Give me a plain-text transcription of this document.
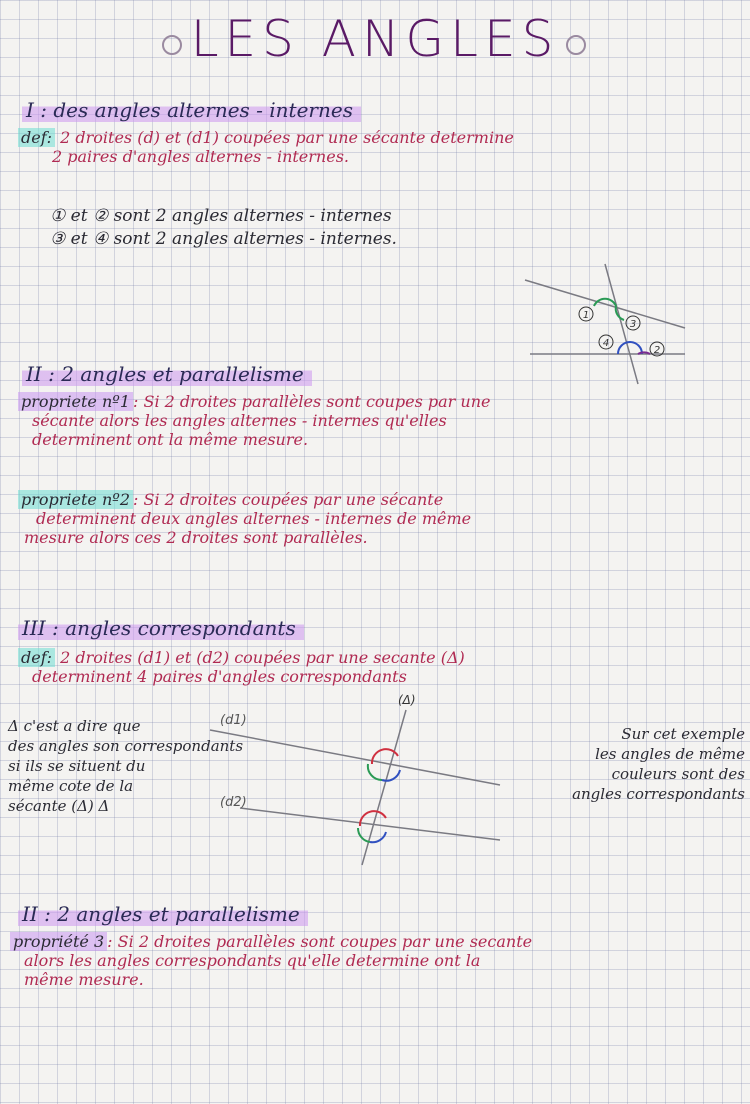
LES ANGLES
I : des angles alternes - internes
def: 2 droites (d) et (d1) coupées par une sécante determine
2 paires d'angles alternes - internes.
① et ② sont 2 angles alternes - internes
③ et ④ sont 2 angles alternes - internes.
1
3
4
2
II : 2 angles et parallelisme
propriete nº1 : Si 2 droites parallèles sont coupes par une
sécante alors les angles alternes - internes qu'elles
determinent ont la même mesure.
propriete nº2 : Si 2 droites coupées par une sécante
determinent deux angles alternes - internes de même
mesure alors ces 2 droites sont parallèles.
III : angles correspondants
def: 2 droites (d1) et (d2) coupées par une secante (Δ)
determinent 4 paires d'angles correspondants
Δ c'est a dire que
des angles son correspondants
si ils se situent du
même cote de la
sécante (Δ) Δ
(Δ)
(d1)
(d2)
Sur cet exemple
les angles de même
couleurs sont des
angles correspondants
II : 2 angles et parallelisme
propriété 3 : Si 2 droites parallèles sont coupes par une secante
alors les angles correspondants qu'elle determine ont la
même mesure.
